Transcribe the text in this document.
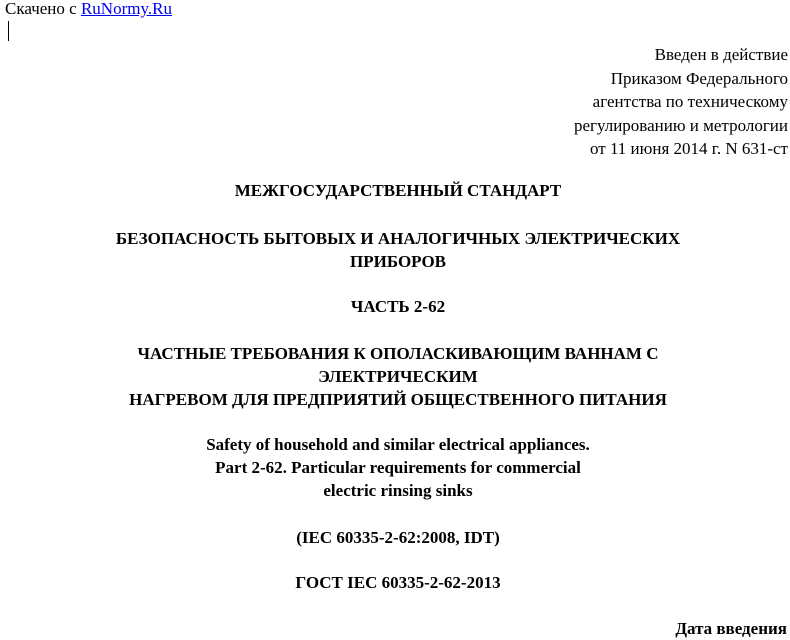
Скачено с RuNormy.Ru
Введен в действие
Приказом Федерального
агентства по техническому
регулированию и метрологии
от 11 июня 2014 г. N 631-ст
МЕЖГОСУДАРСТВЕННЫЙ СТАНДАРТ
БЕЗОПАСНОСТЬ БЫТОВЫХ И АНАЛОГИЧНЫХ ЭЛЕКТРИЧЕСКИХ
ПРИБОРОВ
ЧАСТЬ 2-62
ЧАСТНЫЕ ТРЕБОВАНИЯ К ОПОЛАСКИВАЮЩИМ ВАННАМ С
ЭЛЕКТРИЧЕСКИМ
НАГРЕВОМ ДЛЯ ПРЕДПРИЯТИЙ ОБЩЕСТВЕННОГО ПИТАНИЯ
Safety of household and similar electrical appliances.
Part 2-62. Particular requirements for commercial
electric rinsing sinks
(IEC 60335-2-62:2008, IDT)
ГОСТ IEC 60335-2-62-2013
Дата введения
